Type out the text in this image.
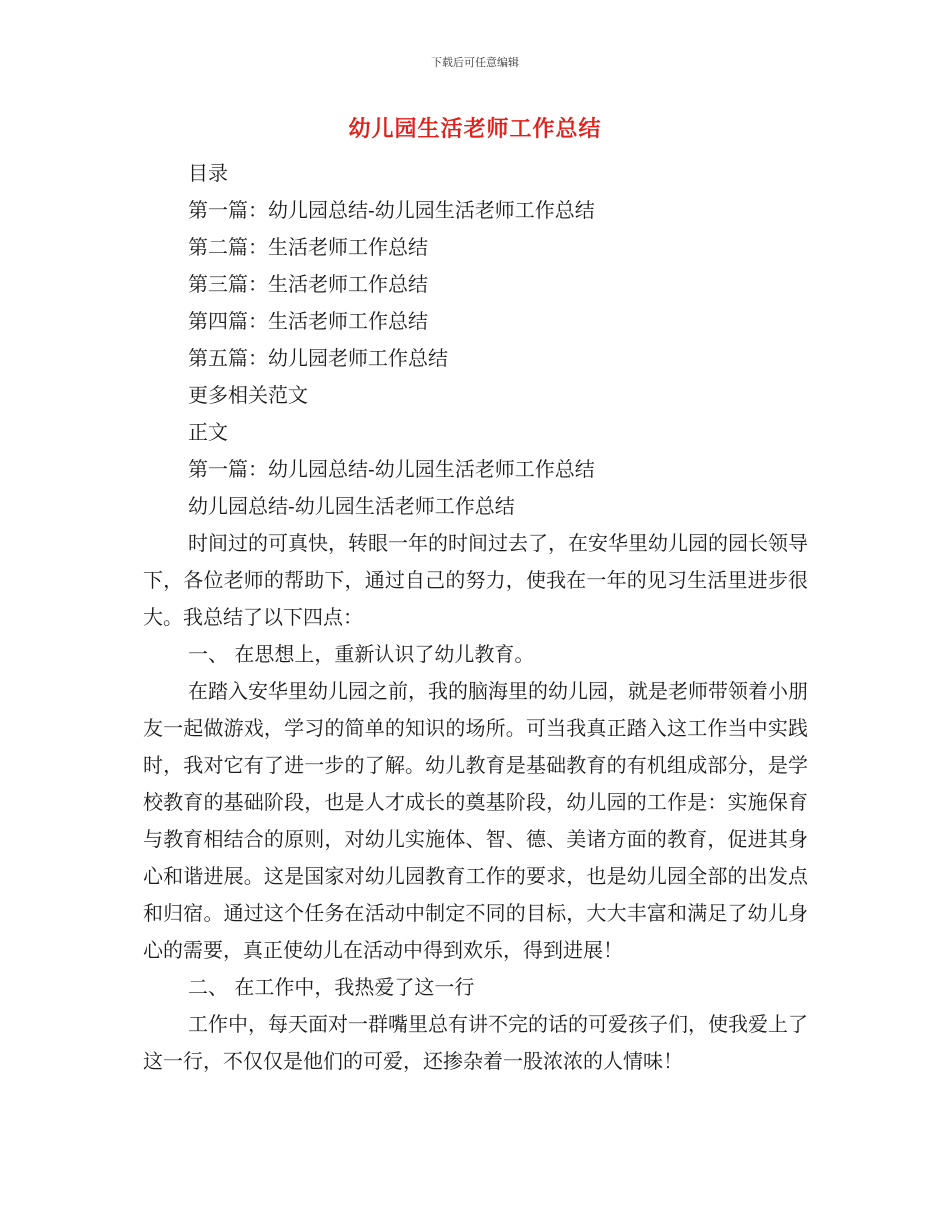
下载后可任意编辑
幼儿园生活老师工作总结
目录
第一篇：幼儿园总结-幼儿园生活老师工作总结
第二篇：生活老师工作总结
第三篇：生活老师工作总结
第四篇：生活老师工作总结
第五篇：幼儿园老师工作总结
更多相关范文
正文
第一篇：幼儿园总结-幼儿园生活老师工作总结
幼儿园总结-幼儿园生活老师工作总结

时间过的可真快，转眼一年的时间过去了，在安华里幼儿园的园长领导下，各位老师的帮助下，通过自己的努力，使我在一年的见习生活里进步很大。我总结了以下四点：

一、 在思想上，重新认识了幼儿教育。

在踏入安华里幼儿园之前，我的脑海里的幼儿园，就是老师带领着小朋友一起做游戏，学习的简单的知识的场所。可当我真正踏入这工作当中实践时，我对它有了进一步的了解。幼儿教育是基础教育的有机组成部分，是学校教育的基础阶段，也是人才成长的奠基阶段，幼儿园的工作是：实施保育与教育相结合的原则，对幼儿实施体、智、德、美诸方面的教育，促进其身心和谐进展。这是国家对幼儿园教育工作的要求，也是幼儿园全部的出发点和归宿。通过这个任务在活动中制定不同的目标，大大丰富和满足了幼儿身心的需要，真正使幼儿在活动中得到欢乐，得到进展！

二、 在工作中，我热爱了这一行

工作中，每天面对一群嘴里总有讲不完的话的可爱孩子们，使我爱上了这一行，不仅仅是他们的可爱，还掺杂着一股浓浓的人情味！
